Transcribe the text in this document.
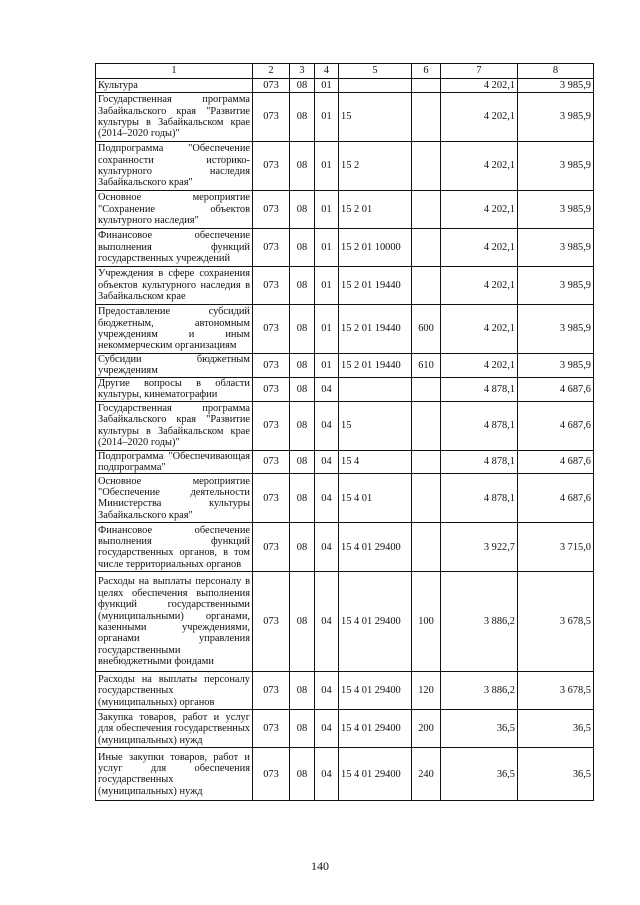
1	2	3	4	5	6	7	8
Культура	073	08	01			4 202,1	3 985,9
Государственная программа Забайкальского края "Развитие культуры в Забайкальском крае (2014–2020 годы)"	073	08	01	15		4 202,1	3 985,9
Подпрограмма "Обеспечение сохранности историко-культурного наследия Забайкальского края"	073	08	01	15 2		4 202,1	3 985,9
Основное мероприятие "Сохранение объектов культурного наследия"	073	08	01	15 2 01		4 202,1	3 985,9
Финансовое обеспечение выполнения функций государственных учреждений	073	08	01	15 2 01 10000		4 202,1	3 985,9
Учреждения в сфере сохранения объектов культурного наследия в Забайкальском крае	073	08	01	15 2 01 19440		4 202,1	3 985,9
Предоставление субсидий бюджетным, автономным учреждениям и иным некоммерческим организациям	073	08	01	15 2 01 19440	600	4 202,1	3 985,9
Субсидии бюджетным учреждениям	073	08	01	15 2 01 19440	610	4 202,1	3 985,9
Другие вопросы в области культуры, кинематографии	073	08	04			4 878,1	4 687,6
Государственная программа Забайкальского края "Развитие культуры в Забайкальском крае (2014–2020 годы)"	073	08	04	15		4 878,1	4 687,6
Подпрограмма "Обеспечивающая подпрограмма"	073	08	04	15 4		4 878,1	4 687,6
Основное мероприятие "Обеспечение деятельности Министерства культуры Забайкальского края"	073	08	04	15 4 01		4 878,1	4 687,6
Финансовое обеспечение выполнения функций государственных органов, в том числе территориальных органов	073	08	04	15 4 01 29400		3 922,7	3 715,0
Расходы на выплаты персоналу в целях обеспечения выполнения функций государственными (муниципальными) органами, казенными учреждениями, органами управления государственными внебюджетными фондами	073	08	04	15 4 01 29400	100	3 886,2	3 678,5
Расходы на выплаты персоналу государственных (муниципальных) органов	073	08	04	15 4 01 29400	120	3 886,2	3 678,5
Закупка товаров, работ и услуг для обеспечения государственных (муниципальных) нужд	073	08	04	15 4 01 29400	200	36,5	36,5
Иные закупки товаров, работ и услуг для обеспечения государственных (муниципальных) нужд	073	08	04	15 4 01 29400	240	36,5	36,5
140
